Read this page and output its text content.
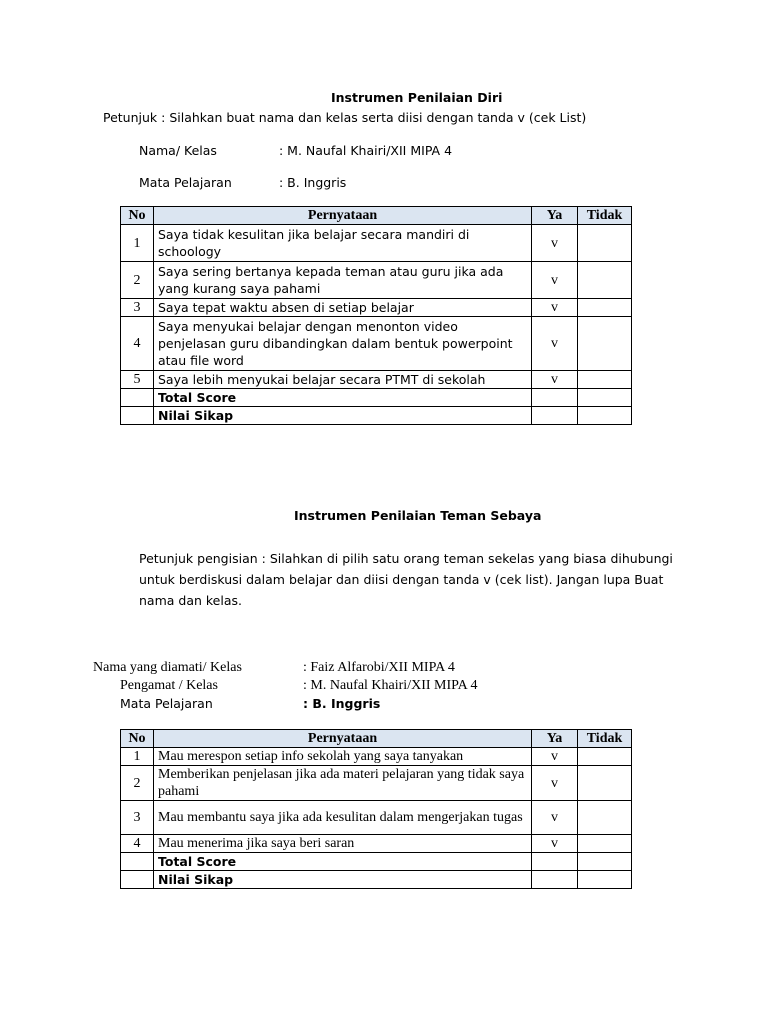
Instrumen Penilaian Diri
Petunjuk : Silahkan buat nama dan kelas serta diisi dengan tanda v (cek List)
Nama/ Kelas	: M. Naufal Khairi/XII MIPA 4
Mata Pelajaran	: B. Inggris
No	Pernyataan	Ya	Tidak
1	Saya tidak kesulitan jika belajar secara mandiri di schoology	v	
2	Saya sering bertanya kepada teman atau guru jika ada yang kurang saya pahami	v	
3	Saya tepat waktu absen di setiap belajar	v	
4	Saya menyukai belajar dengan menonton video penjelasan guru dibandingkan dalam bentuk powerpoint atau file word	v	
5	Saya lebih menyukai belajar secara PTMT di sekolah	v	
	Total Score		
	Nilai Sikap		
Instrumen Penilaian Teman Sebaya
Petunjuk pengisian : Silahkan di pilih satu orang teman sekelas yang biasa dihubungi
untuk berdiskusi dalam belajar dan diisi dengan tanda v (cek list). Jangan lupa Buat
nama dan kelas.
Nama yang diamati/ Kelas	: Faiz Alfarobi/XII MIPA 4
Pengamat / Kelas	: M. Naufal Khairi/XII MIPA 4
Mata Pelajaran	: B. Inggris
No	Pernyataan	Ya	Tidak
1	Mau merespon setiap info sekolah yang saya tanyakan	v	
2	Memberikan penjelasan jika ada materi pelajaran yang tidak saya pahami	v	
3	Mau membantu saya jika ada kesulitan dalam mengerjakan tugas	v	
4	Mau menerima jika saya beri saran	v	
	Total Score		
	Nilai Sikap		
